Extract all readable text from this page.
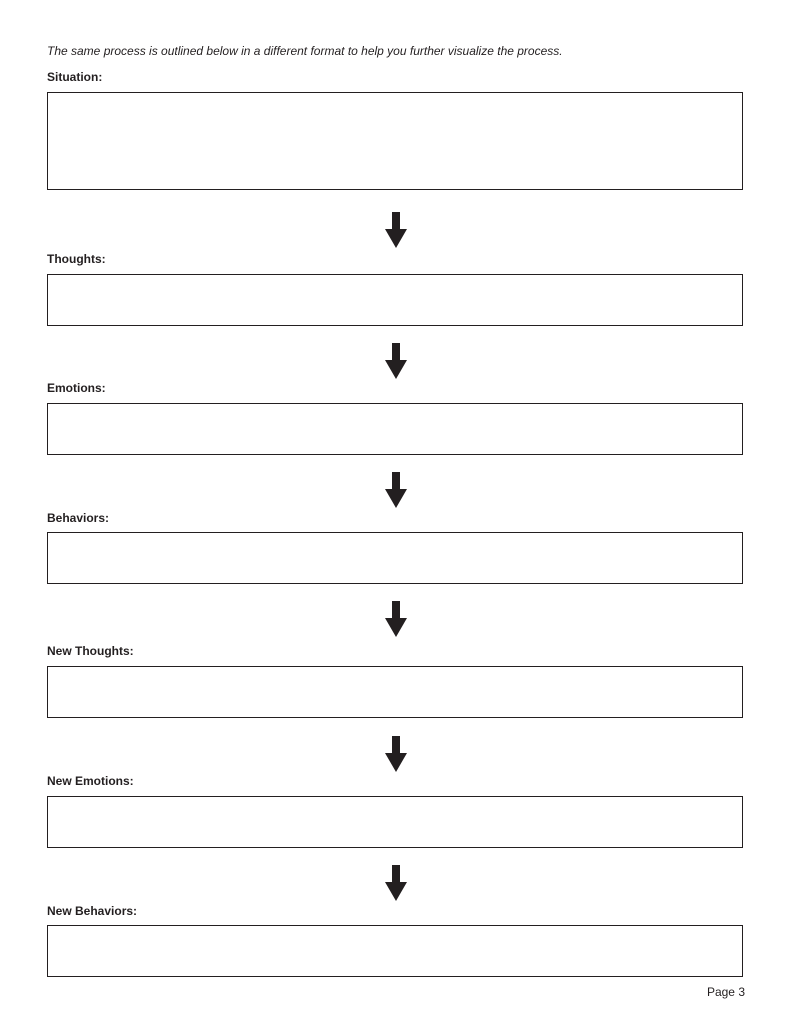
The same process is outlined below in a different format to help you further visualize the process.
Situation:
Thoughts:
Emotions:
Behaviors:
New Thoughts:
New Emotions:
New Behaviors:
Page 3
